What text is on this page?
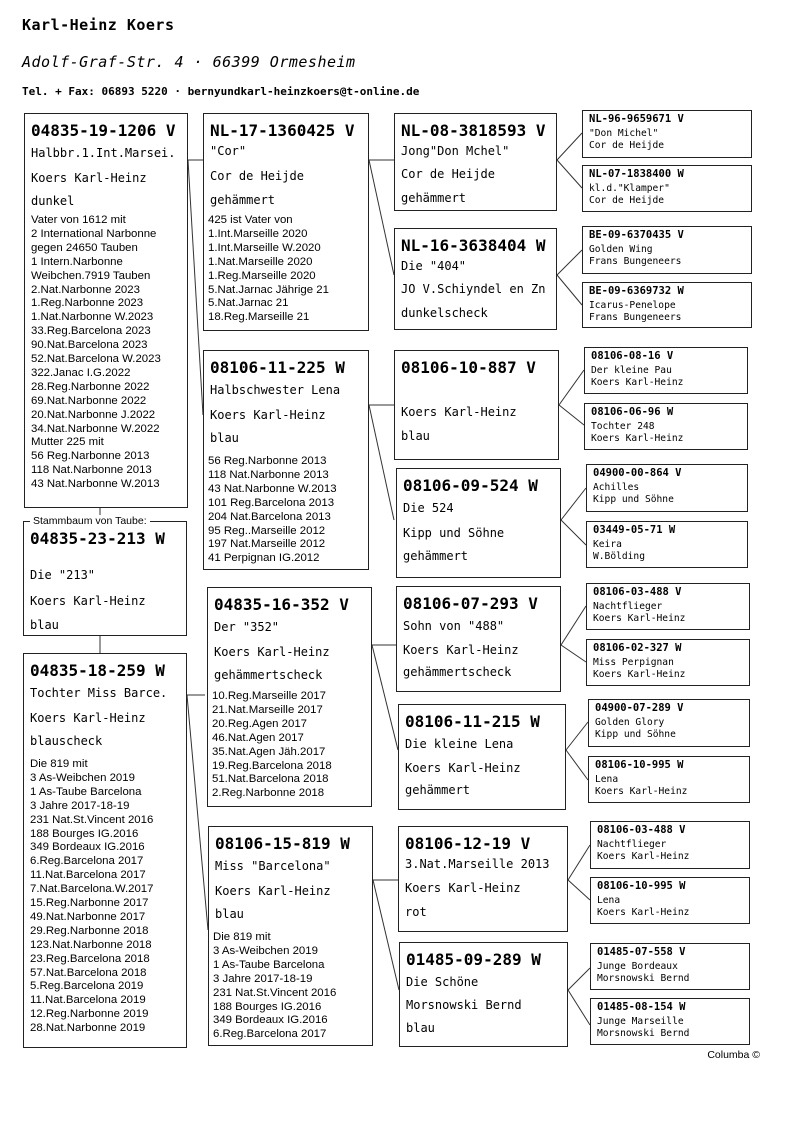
Karl-Heinz Koers
Adolf-Graf-Str. 4 · 66399 Ormesheim
Tel. + Fax: 06893 5220 · bernyundkarl-heinzkoers@t-online.de
04835-19-1206 V
Halbbr.1.Int.Marsei.
Koers Karl-Heinz
dunkel
Vater von 1612 mit
2 International Narbonne
gegen 24650 Tauben
1 Intern.Narbonne
Weibchen.7919 Tauben
2.Nat.Narbonne 2023
1.Reg.Narbonne 2023
1.Nat.Narbonne W.2023
33.Reg.Barcelona 2023
90.Nat.Barcelona 2023
52.Nat.Barcelona W.2023
322.Janac I.G.2022
28.Reg.Narbonne 2022
69.Nat.Narbonne 2022
20.Nat.Narbonne J.2022
34.Nat.Narbonne W.2022
Mutter 225 mit
56 Reg.Narbonne 2013
118 Nat.Narbonne 2013
43 Nat.Narbonne W.2013
04835-23-213 W
Die "213"
Koers Karl-Heinz
blau
04835-18-259 W
Tochter Miss Barce.
Koers Karl-Heinz
blauscheck
Die 819 mit
3 As-Weibchen 2019
1 As-Taube Barcelona
3 Jahre 2017-18-19
231 Nat.St.Vincent 2016
188 Bourges IG.2016
349 Bordeaux IG.2016
6.Reg.Barcelona 2017
11.Nat.Barcelona 2017
7.Nat.Barcelona.W.2017
15.Reg.Narbonne 2017
49.Nat.Narbonne 2017
29.Reg.Narbonne 2018
123.Nat.Narbonne 2018
23.Reg.Barcelona 2018
57.Nat.Barcelona 2018
5.Reg.Barcelona 2019
11.Nat.Barcelona 2019
12.Reg.Narbonne 2019
28.Nat.Narbonne 2019
NL-17-1360425 V
"Cor"
Cor de Heijde
gehämmert
425 ist Vater von
1.Int.Marseille 2020
1.Int.Marseille W.2020
1.Nat.Marseille 2020
1.Reg.Marseille 2020
5.Nat.Jarnac Jährige 21
5.Nat.Jarnac 21
18.Reg.Marseille 21
08106-11-225 W
Halbschwester Lena
Koers Karl-Heinz
blau
56 Reg.Narbonne 2013
118 Nat.Narbonne 2013
43 Nat.Narbonne W.2013
101 Reg.Barcelona 2013
204 Nat.Barcelona 2013
95 Reg..Marseille 2012
197 Nat.Marseille 2012
41 Perpignan IG.2012
04835-16-352 V
Der "352"
Koers Karl-Heinz
gehämmertscheck
10.Reg.Marseille 2017
21.Nat.Marseille 2017
20.Reg.Agen 2017
46.Nat.Agen 2017
35.Nat.Agen Jäh.2017
19.Reg.Barcelona 2018
51.Nat.Barcelona 2018
2.Reg.Narbonne 2018
08106-15-819 W
Miss "Barcelona"
Koers Karl-Heinz
blau
Die 819 mit
3 As-Weibchen 2019
1 As-Taube Barcelona
3 Jahre 2017-18-19
231 Nat.St.Vincent 2016
188 Bourges IG.2016
349 Bordeaux IG.2016
6.Reg.Barcelona 2017
NL-08-3818593 V
Jong"Don Mchel"
Cor de Heijde
gehämmert
NL-16-3638404 W
Die "404"
JO V.Schiyndel en Zn
dunkelscheck
08106-10-887 V
Koers Karl-Heinz
blau
08106-09-524 W
Die 524
Kipp und Söhne
gehämmert
08106-07-293 V
Sohn von "488"
Koers Karl-Heinz
gehämmertscheck
08106-11-215 W
Die kleine Lena
Koers Karl-Heinz
gehämmert
08106-12-19 V
3.Nat.Marseille 2013
Koers Karl-Heinz
rot
01485-09-289 W
Die Schöne
Morsnowski Bernd
blau
NL-96-9659671 V
"Don Michel"
Cor de Heijde
NL-07-1838400 W
kl.d."Klamper"
Cor de Heijde
BE-09-6370435 V
Golden Wing
Frans Bungeneers
BE-09-6369732 W
Icarus-Penelope
Frans Bungeneers
08106-08-16 V
Der kleine Pau
Koers Karl-Heinz
08106-06-96 W
Tochter 248
Koers Karl-Heinz
04900-00-864 V
Achilles
Kipp und Söhne
03449-05-71 W
Keira
W.Bölding
08106-03-488 V
Nachtflieger
Koers Karl-Heinz
08106-02-327 W
Miss Perpignan
Koers Karl-Heinz
04900-07-289 V
Golden Glory
Kipp und Söhne
08106-10-995 W
Lena
Koers Karl-Heinz
08106-03-488 V
Nachtflieger
Koers Karl-Heinz
08106-10-995 W
Lena
Koers Karl-Heinz
01485-07-558 V
Junge Bordeaux
Morsnowski Bernd
01485-08-154 W
Junge Marseille
Morsnowski Bernd
Stammbaum von Taube:
Columba ©
